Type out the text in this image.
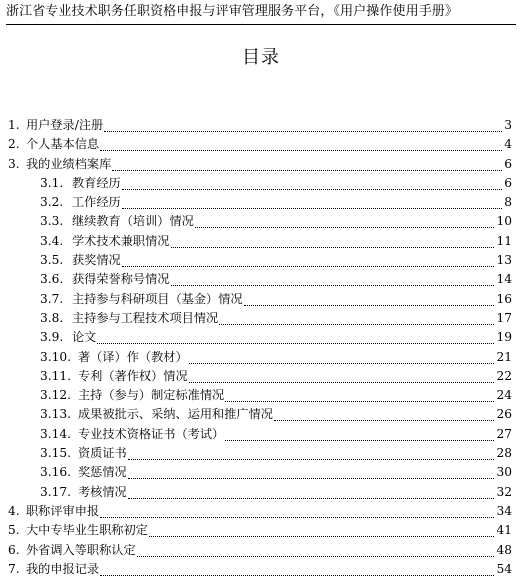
浙江省专业技术职务任职资格申报与评审管理服务平台，《用户操作使用手册》
目录
1. 用户登录/注册	3
2. 个人基本信息	4
3. 我的业绩档案库	6
3.1. 教育经历	6
3.2. 工作经历	8
3.3. 继续教育（培训）情况	10
3.4. 学术技术兼职情况	11
3.5. 获奖情况	13
3.6. 获得荣誉称号情况	14
3.7. 主持参与科研项目（基金）情况	16
3.8. 主持参与工程技术项目情况	17
3.9. 论文	19
3.10. 著（译）作（教材）	21
3.11. 专利（著作权）情况	22
3.12. 主持（参与）制定标准情况	24
3.13. 成果被批示、采纳、运用和推广情况	26
3.14. 专业技术资格证书（考试）	27
3.15. 资质证书	28
3.16. 奖惩情况	30
3.17. 考核情况	32
4. 职称评审申报	34
5. 大中专毕业生职称初定	41
6. 外省调入等职称认定	48
7. 我的申报记录	54
